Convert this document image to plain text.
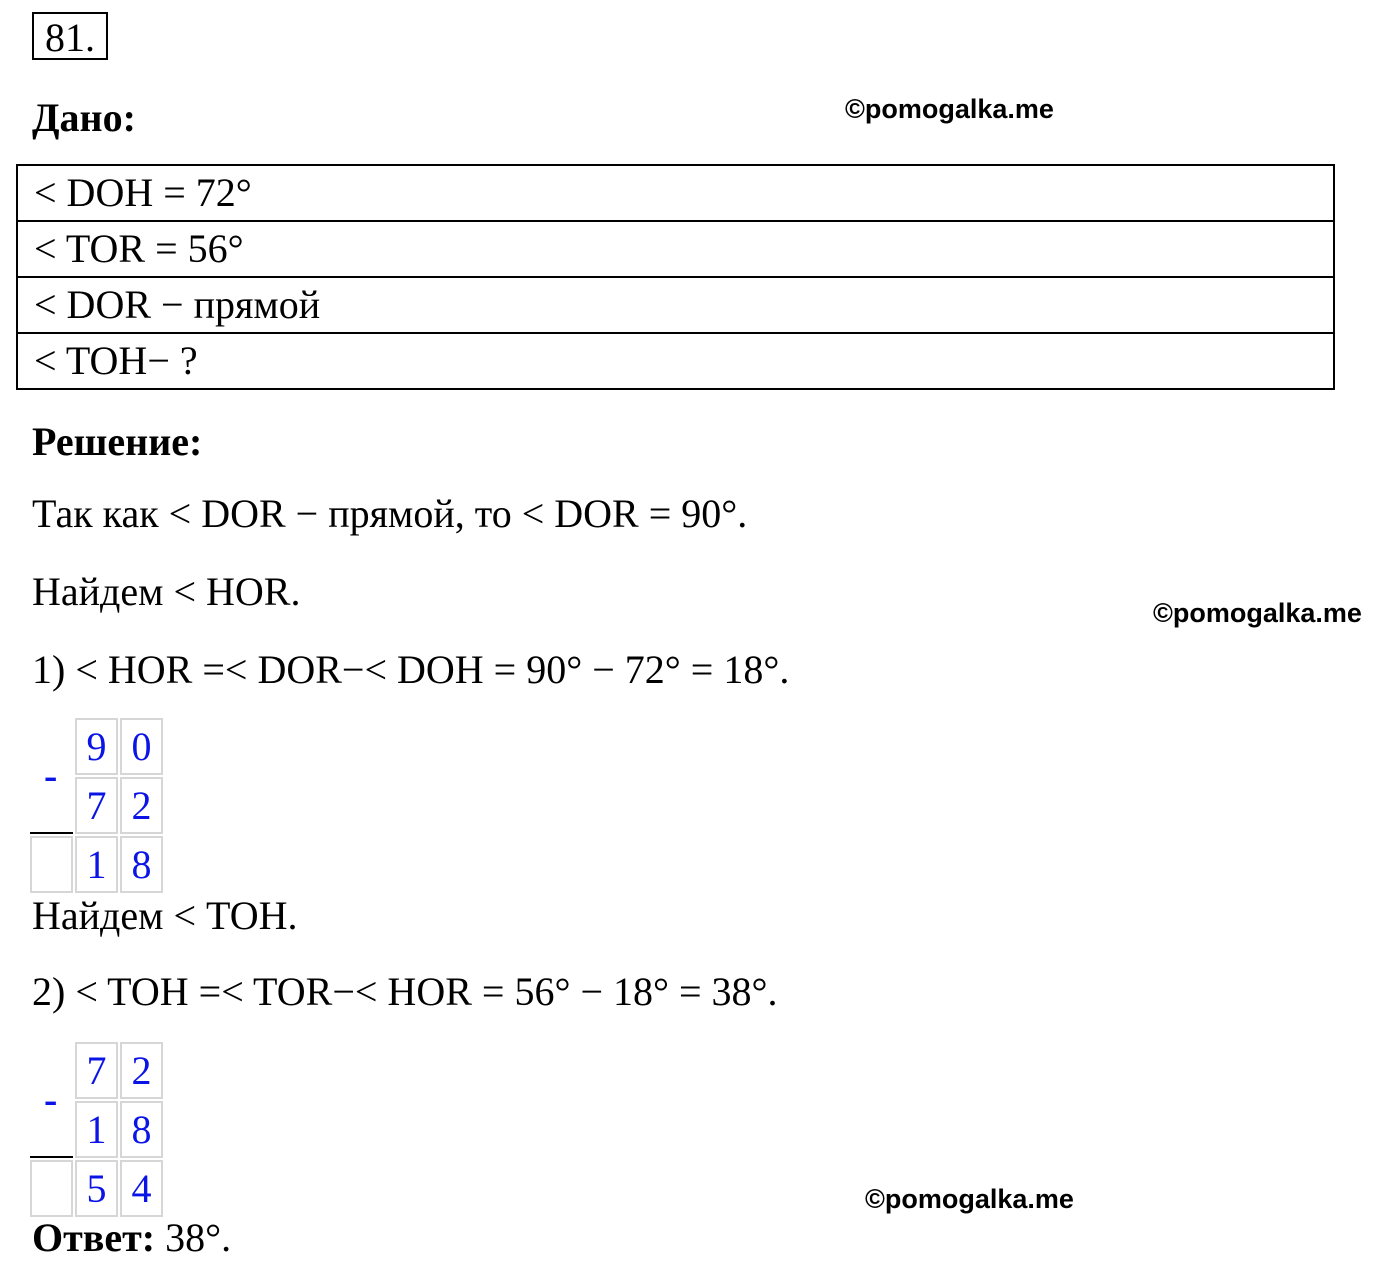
81.
Дано:	©pomogalka.me
< DOH = 72°
< TOR = 56°
< DOR − прямой
< TOH− ?
Решение:
Так как < DOR − прямой, то < DOR = 90°.
Найдем < HOR.	©pomogalka.me
1) < HOR =< DOR−< DOH = 90° − 72° = 18°.
	9	0
	7	2
	1	8
-
Найдем < TOH.
2) < TOH =< TOR−< HOR = 56° − 18° = 38°.
	7	2
	1	8
	5	4
-
©pomogalka.me
Ответ: 38°.
